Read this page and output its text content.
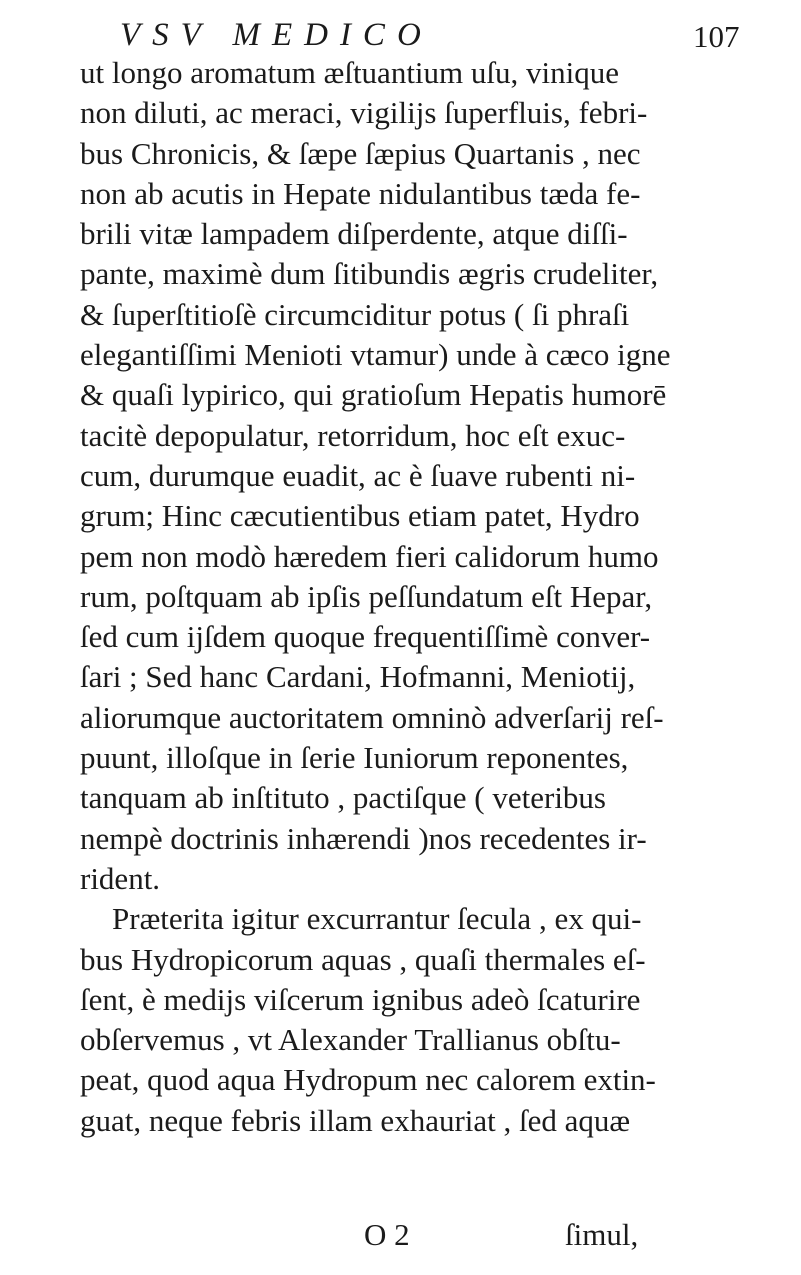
VSV MEDICO	107
ut longo aromatum æſtuantium uſu, vinique
non diluti, ac meraci, vigilijs ſuperfluis, febri-
bus Chronicis, & ſæpe ſæpius Quartanis , nec
non ab acutis in Hepate nidulantibus tæda fe-
brili vitæ lampadem diſperdente, atque diſſi-
pante, maximè dum ſitibundis ægris crudeliter,
& ſuperſtitioſè circumciditur potus ( ſi phraſi
elegantiſſimi Menioti vtamur) unde à cæco igne
& quaſi lypirico, qui gratioſum Hepatis humorē
tacitè depopulatur, retorridum, hoc eſt exuc-
cum, durumque euadit, ac è ſuave rubenti ni-
grum; Hinc cæcutientibus etiam patet, Hydro
pem non modò hæredem fieri calidorum humo
rum, poſtquam ab ipſis peſſundatum eſt Hepar,
ſed cum ijſdem quoque frequentiſſimè conver-
ſari ; Sed hanc Cardani, Hofmanni, Meniotij,
aliorumque auctoritatem omninò adverſarij reſ-
puunt, illoſque in ſerie Iuniorum reponentes,
tanquam ab inſtituto , pactiſque ( veteribus
nempè doctrinis inhærendi )nos recedentes ir-
rident.
Præterita igitur excurrantur ſecula , ex qui-
bus Hydropicorum aquas , quaſi thermales eſ-
ſent, è medijs viſcerum ignibus adeò ſcaturire
obſervemus , vt Alexander Trallianus obſtu-
peat, quod aqua Hydropum nec calorem extin-
guat, neque febris illam exhauriat , ſed aquæ
O 2	ſimul,
